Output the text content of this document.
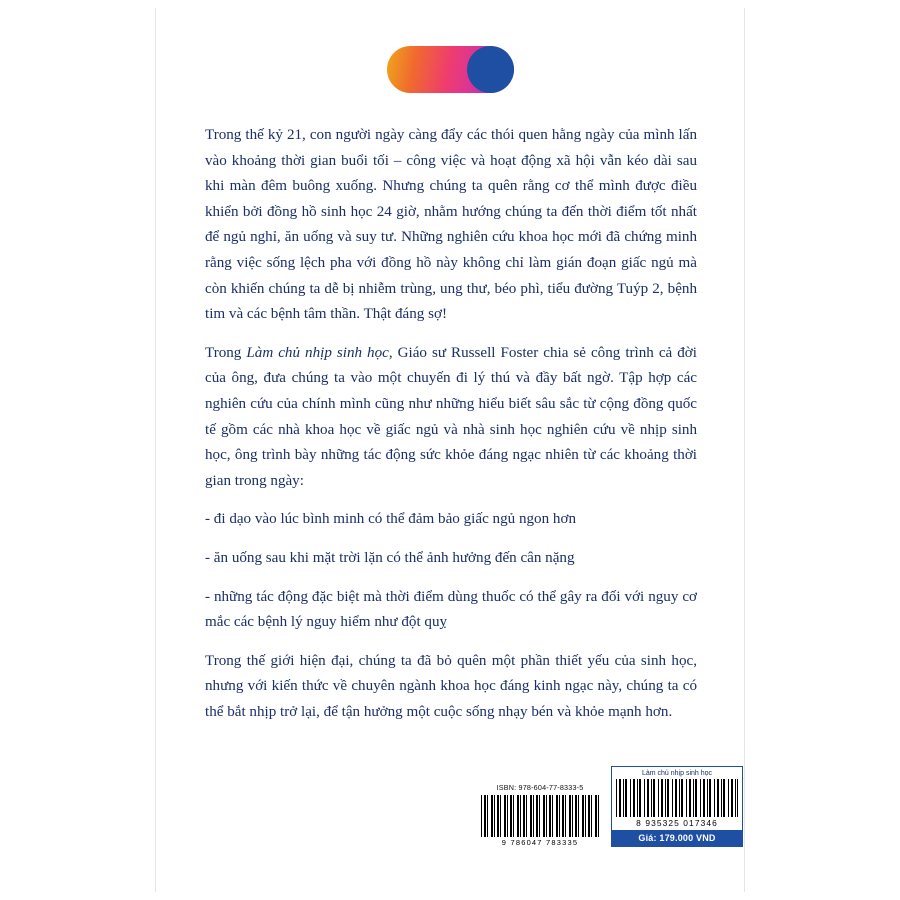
Trong thế kỷ 21, con người ngày càng đẩy các thói quen hằng ngày của mình lấn vào khoảng thời gian buổi tối – công việc và hoạt động xã hội vẫn kéo dài sau khi màn đêm buông xuống. Nhưng chúng ta quên rằng cơ thể mình được điều khiển bởi đồng hồ sinh học 24 giờ, nhằm hướng chúng ta đến thời điểm tốt nhất để ngủ nghỉ, ăn uống và suy tư. Những nghiên cứu khoa học mới đã chứng minh rằng việc sống lệch pha với đồng hồ này không chỉ làm gián đoạn giấc ngủ mà còn khiến chúng ta dễ bị nhiễm trùng, ung thư, béo phì, tiểu đường Tuýp 2, bệnh tim và các bệnh tâm thần. Thật đáng sợ!

Trong Làm chủ nhịp sinh học, Giáo sư Russell Foster chia sẻ công trình cả đời của ông, đưa chúng ta vào một chuyến đi lý thú và đầy bất ngờ. Tập hợp các nghiên cứu của chính mình cũng như những hiểu biết sâu sắc từ cộng đồng quốc tế gồm các nhà khoa học về giấc ngủ và nhà sinh học nghiên cứu về nhịp sinh học, ông trình bày những tác động sức khỏe đáng ngạc nhiên từ các khoảng thời gian trong ngày:

- đi dạo vào lúc bình minh có thể đảm bảo giấc ngủ ngon hơn

- ăn uống sau khi mặt trời lặn có thể ảnh hưởng đến cân nặng

- những tác động đặc biệt mà thời điểm dùng thuốc có thể gây ra đối với nguy cơ mắc các bệnh lý nguy hiểm như đột quỵ

Trong thế giới hiện đại, chúng ta đã bỏ quên một phần thiết yếu của sinh học, nhưng với kiến thức về chuyên ngành khoa học đáng kinh ngạc này, chúng ta có thể bắt nhịp trở lại, để tận hưởng một cuộc sống nhạy bén và khỏe mạnh hơn.

ISBN: 978-604-77-8333-5
9 786047 783335
Làm chủ nhịp sinh học
8 935325 017346
Giá: 179.000 VND
